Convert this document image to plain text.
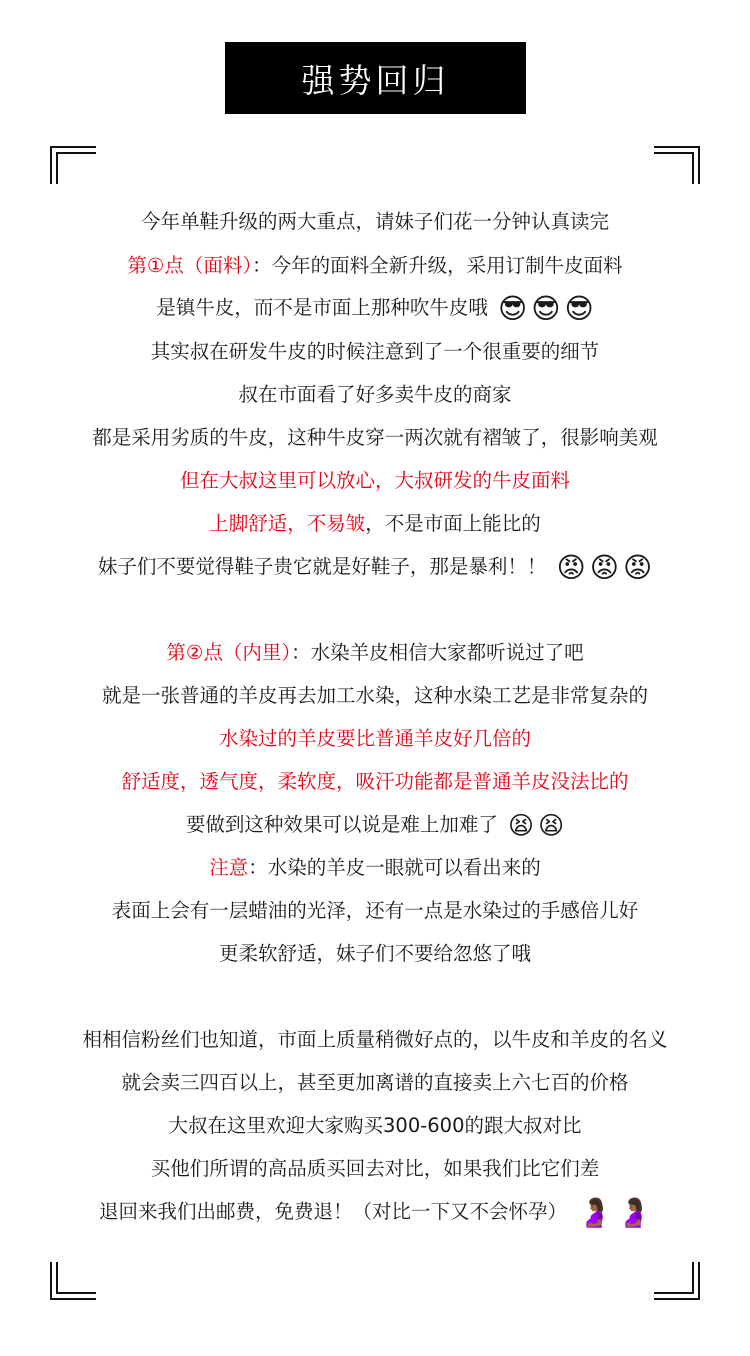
强势回归
今年单鞋升级的两大重点，请妹子们花一分钟认真读完
第①点（面料）：今年的面料全新升级，采用订制牛皮面料
是镇牛皮，而不是市面上那种吹牛皮哦 😎 😎 😎
其实叔在研发牛皮的时候注意到了一个很重要的细节
叔在市面看了好多卖牛皮的商家
都是采用劣质的牛皮，这种牛皮穿一两次就有褶皱了，很影响美观
但在大叔这里可以放心，大叔研发的牛皮面料
上脚舒适，不易皱，不是市面上能比的
妹子们不要觉得鞋子贵它就是好鞋子，那是暴利！！ 😡 😡 😡
第②点（内里）：水染羊皮相信大家都听说过了吧
就是一张普通的羊皮再去加工水染，这种水染工艺是非常复杂的
水染过的羊皮要比普通羊皮好几倍的
舒适度，透气度，柔软度，吸汗功能都是普通羊皮没法比的
要做到这种效果可以说是难上加难了 😫 😫
注意：水染的羊皮一眼就可以看出来的
表面上会有一层蜡油的光泽，还有一点是水染过的手感倍儿好
更柔软舒适，妹子们不要给忽悠了哦
相相信粉丝们也知道，市面上质量稍微好点的，以牛皮和羊皮的名义
就会卖三四百以上，甚至更加离谱的直接卖上六七百的价格
大叔在这里欢迎大家购买300-600的跟大叔对比
买他们所谓的高品质买回去对比，如果我们比它们差
退回来我们出邮费，免费退！（对比一下又不会怀孕） 🤰🏾 🤰🏾
